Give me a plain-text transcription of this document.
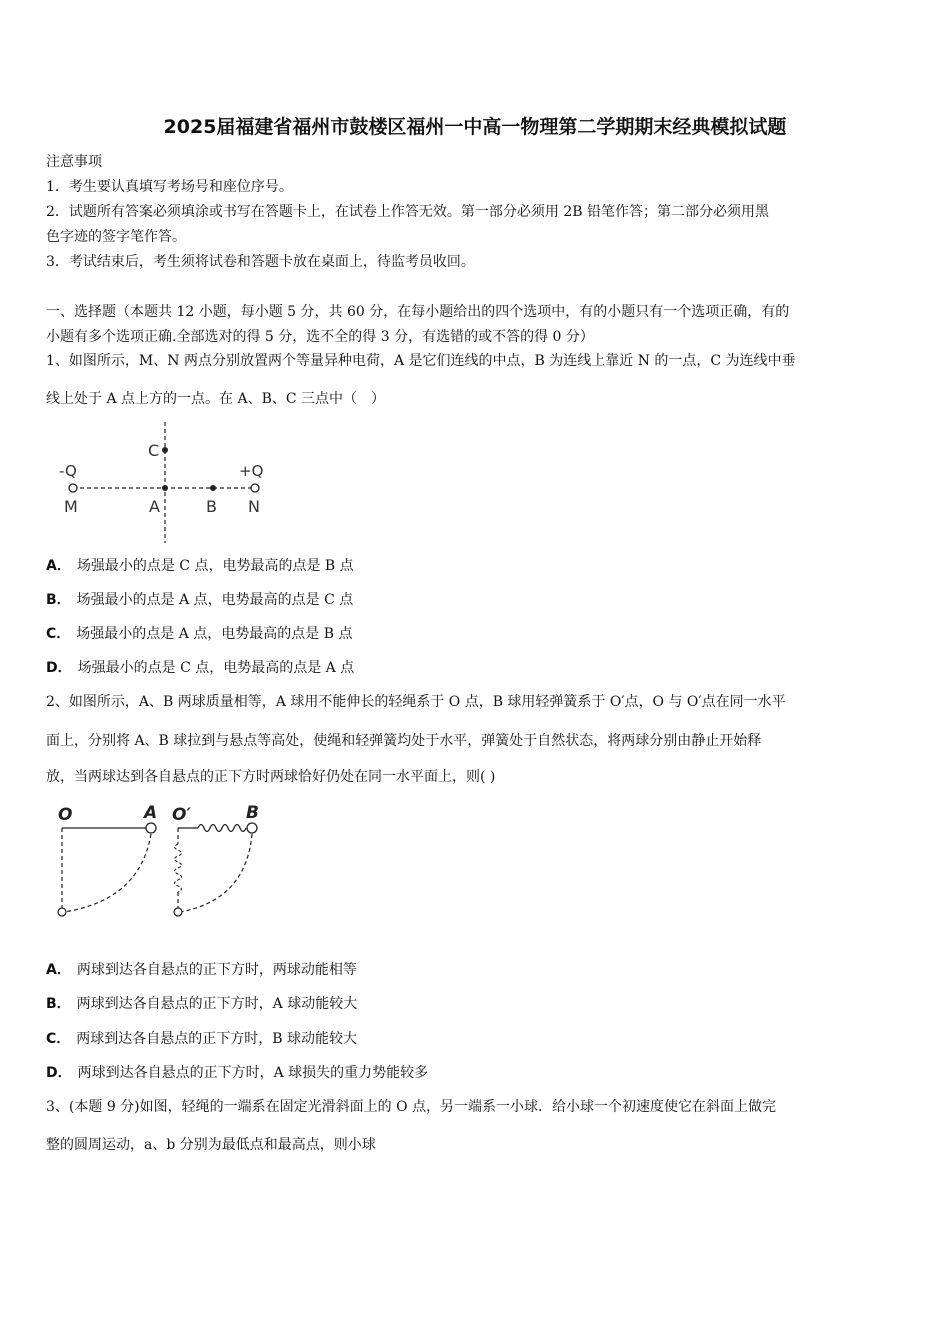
2025届福建省福州市鼓楼区福州一中高一物理第二学期期末经典模拟试题
注意事项
1．考生要认真填写考场号和座位序号。
2．试题所有答案必须填涂或书写在答题卡上，在试卷上作答无效。第一部分必须用 2B 铅笔作答；第二部分必须用黑
色字迹的签字笔作答。
3．考试结束后，考生须将试卷和答题卡放在桌面上，待监考员收回。
一、选择题（本题共 12 小题，每小题 5 分，共 60 分，在每小题给出的四个选项中，有的小题只有一个选项正确，有的
小题有多个选项正确.全部选对的得 5 分，选不全的得 3 分，有选错的或不答的得 0 分）
1、如图所示，M、N 两点分别放置两个等量异种电荷，A 是它们连线的中点，B 为连线上靠近 N 的一点，C 为连线中垂
线上处于 A 点上方的一点。在 A、B、C 三点中（　）
C
-Q	+Q
M	A	B N
A． 场强最小的点是 C 点，电势最高的点是 B 点
B． 场强最小的点是 A 点，电势最高的点是 C 点
C． 场强最小的点是 A 点，电势最高的点是 B 点
D． 场强最小的点是 C 点，电势最高的点是 A 点
2、如图所示，A、B 两球质量相等，A 球用不能伸长的轻绳系于 O 点，B 球用轻弹簧系于 O′点，O 与 O′点在同一水平
面上，分别将 A、B 球拉到与悬点等高处，使绳和轻弹簧均处于水平，弹簧处于自然状态，将两球分别由静止开始释
放，当两球达到各自悬点的正下方时两球恰好仍处在同一水平面上，则( )
O	A O′	B
A． 两球到达各自悬点的正下方时，两球动能相等
B． 两球到达各自悬点的正下方时，A 球动能较大
C． 两球到达各自悬点的正下方时，B 球动能较大
D． 两球到达各自悬点的正下方时，A 球损失的重力势能较多
3、(本题 9 分)如图，轻绳的一端系在固定光滑斜面上的 O 点，另一端系一小球．给小球一个初速度使它在斜面上做完
整的圆周运动，a、b 分别为最低点和最高点，则小球
